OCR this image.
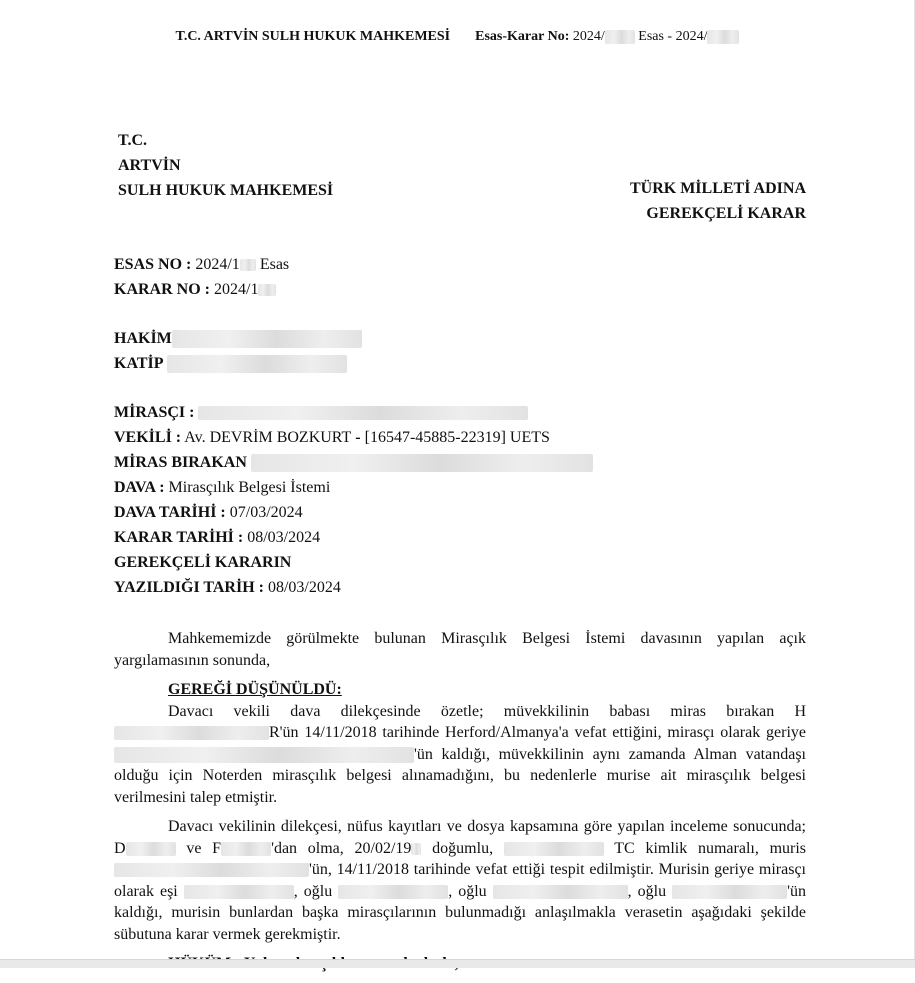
T.C. ARTVİN SULH HUKUK MAHKEMESİ Esas-Karar No: 2024/ Esas - 2024/
T.C.
ARTVİN
SULH HUKUK MAHKEMESİ	TÜRK MİLLETİ ADINA
GEREKÇELİ KARAR
ESAS NO : 2024/1 Esas
KARAR NO : 2024/1
HAKİM
KATİP
MİRASÇI :
VEKİLİ : Av. DEVRİM BOZKURT - [16547-45885-22319] UETS
MİRAS BIRAKAN
DAVA : Mirasçılık Belgesi İstemi
DAVA TARİHİ : 07/03/2024
KARAR TARİHİ : 08/03/2024
GEREKÇELİ KARARIN
YAZILDIĞI TARİH : 08/03/2024

Mahkememizde görülmekte bulunan Mirasçılık Belgesi İstemi davasının yapılan açık yargılamasının sonunda,

GEREĞİ DÜŞÜNÜLDÜ:

Davacı vekili dava dilekçesinde özetle; müvekkilinin babası miras bırakan HR'ün 14/11/2018 tarihinde Herford/Almanya'a vefat ettiğini, mirasçı olarak geriye 'ün kaldığı, müvekkilinin aynı zamanda Alman vatandaşı olduğu için Noterden mirasçılık belgesi alınamadığını, bu nedenlerle murise ait mirasçılık belgesi verilmesini talep etmiştir.

Davacı vekilinin dilekçesi, nüfus kayıtları ve dosya kapsamına göre yapılan inceleme sonucunda; D	ve F	'dan olma, 20/02/19 doğumlu,	TC kimlik numaralı, muris 'ün, 14/11/2018 tarihinde vefat ettiği tespit edilmiştir. Murisin geriye mirasçı olarak eşi	, oğlu	, oğlu	, oğlu	'ün kaldığı, murisin bunlardan başka mirasçılarının bulunmadığı anlaşılmakla verasetin aşağıdaki şekilde sübutuna karar vermek gerekmiştir.
